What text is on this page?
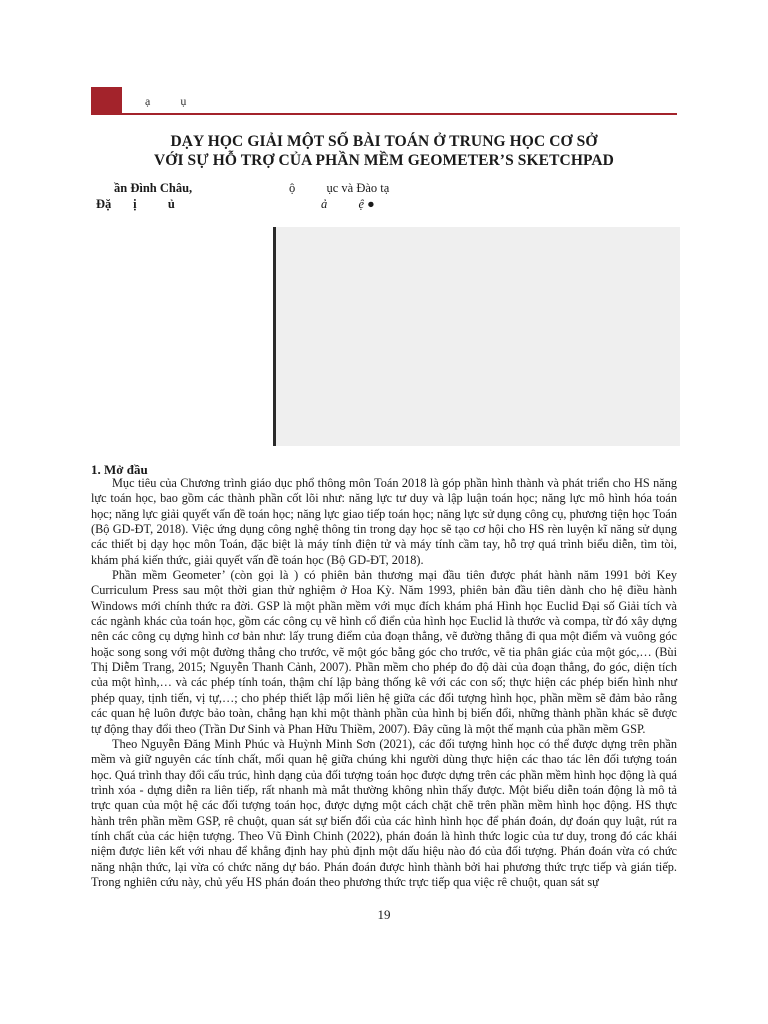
ạ          ụ
DẠY HỌC GIẢI MỘT SỐ BÀI TOÁN Ở TRUNG HỌC CƠ SỞ
VỚI SỰ HỖ TRỢ CỦA PHẦN MỀM GEOMETER’S SKETCHPAD
ần Đình Châu,	ộ          ục và Đào tạ
Đặ       ị          ủ	ả          ệ ●
1. Mở đầu

Mục tiêu của Chương trình giáo dục phổ thông môn Toán 2018 là góp phần hình thành và phát triển cho HS năng lực toán học, bao gồm các thành phần cốt lõi như: năng lực tư duy và lập luận toán học; năng lực mô hình hóa toán học; năng lực giải quyết vấn đề toán học; năng lực giao tiếp toán học; năng lực sử dụng công cụ, phương tiện học Toán (Bộ GD-ĐT, 2018). Việc ứng dụng công nghệ thông tin trong dạy học sẽ tạo cơ hội cho HS rèn luyện kĩ năng sử dụng các thiết bị dạy học môn Toán, đặc biệt là máy tính điện tử và máy tính cầm tay, hỗ trợ quá trình biểu diễn, tìm tòi, khám phá kiến thức, giải quyết vấn đề toán học (Bộ GD-ĐT, 2018).

Phần mềm Geometer’ (còn gọi là ) có phiên bản thương mại đầu tiên được phát hành năm 1991 bởi Key Curriculum Press sau một thời gian thử nghiệm ở Hoa Kỳ. Năm 1993, phiên bản đầu tiên dành cho hệ điều hành Windows mới chính thức ra đời. GSP là một phần mềm với mục đích khám phá Hình học Euclid Đại số Giải tích và các ngành khác của toán học, gồm các công cụ vẽ hình cổ điển của hình học Euclid là thước và compa, từ đó xây dựng nên các công cụ dựng hình cơ bản như: lấy trung điểm của đoạn thẳng, vẽ đường thẳng đi qua một điểm và vuông góc hoặc song song với một đường thẳng cho trước, vẽ một góc bằng góc cho trước, vẽ tia phân giác của một góc,… (Bùi Thị Diễm Trang, 2015; Nguyễn Thanh Cảnh, 2007). Phần mềm cho phép đo độ dài của đoạn thẳng, đo góc, diện tích của một hình,… và các phép tính toán, thậm chí lập bảng thống kê với các con số; thực hiện các phép biến hình như phép quay, tịnh tiến, vị tự,…; cho phép thiết lập mối liên hệ giữa các đối tượng hình học, phần mềm sẽ đảm bảo rằng các quan hệ luôn được bảo toàn, chẳng hạn khi một thành phần của hình bị biến đổi, những thành phần khác sẽ được tự động thay đổi theo (Trần Dư Sinh và Phan Hữu Thiềm, 2007). Đây cũng là một thế mạnh của phần mềm GSP.

Theo Nguyễn Đăng Minh Phúc và Huỳnh Minh Sơn (2021), các đối tượng hình học có thể được dựng trên phần mềm và giữ nguyên các tính chất, mối quan hệ giữa chúng khi người dùng thực hiện các thao tác lên đối tượng toán học. Quá trình thay đổi cấu trúc, hình dạng của đối tượng toán học được dựng trên các phần mềm hình học động là quá trình xóa - dựng diễn ra liên tiếp, rất nhanh mà mắt thường không nhìn thấy được. Một biểu diễn toán động là mô tả trực quan của một hệ các đối tượng toán học, được dựng một cách chặt chẽ trên phần mềm hình học động. HS thực hành trên phần mềm GSP, rê chuột, quan sát sự biến đổi của các hình hình học để phán đoán, dự đoán quy luật, rút ra tính chất của các hiện tượng. Theo Vũ Đình Chinh (2022), phán đoán là hình thức logic của tư duy, trong đó các khái niệm được liên kết với nhau để khẳng định hay phủ định một dấu hiệu nào đó của đối tượng. Phán đoán vừa có chức năng nhận thức, lại vừa có chức năng dự báo. Phán đoán được hình thành bởi hai phương thức trực tiếp và gián tiếp. Trong nghiên cứu này, chủ yếu HS phán đoán theo phương thức trực tiếp qua việc rê chuột, quan sát sự

19
